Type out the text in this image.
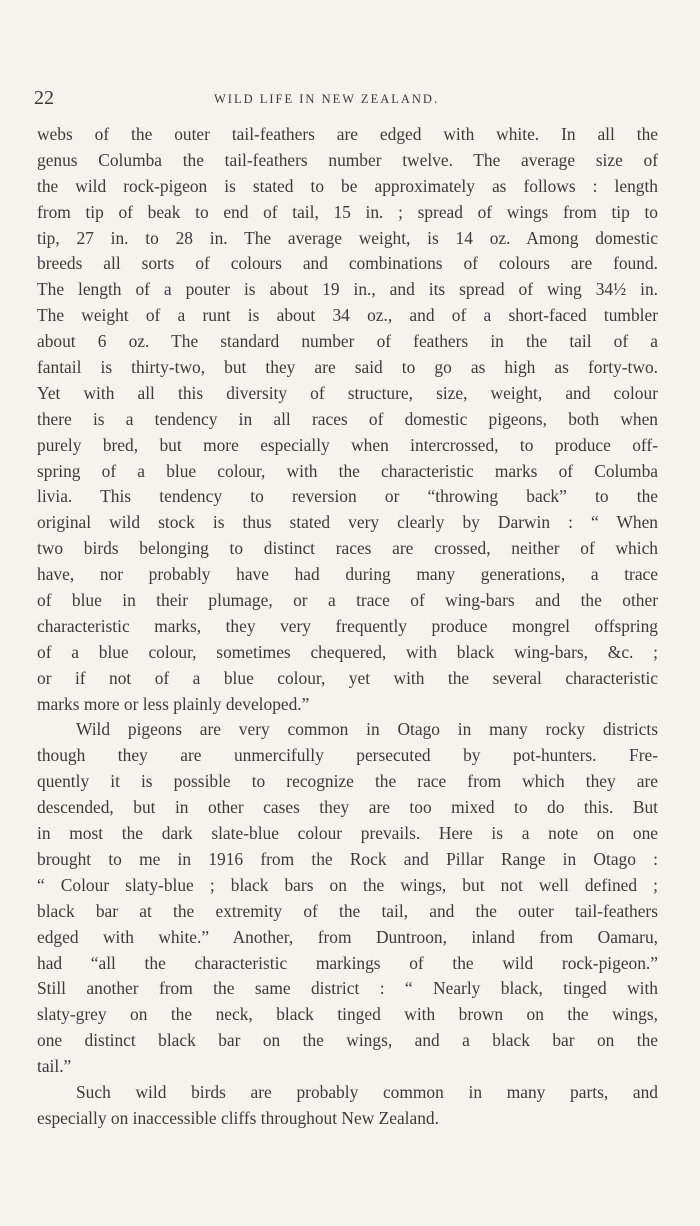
22	WILD LIFE IN NEW ZEALAND.
webs of the outer tail-feathers are edged with white. In all the
genus Columba the tail-feathers number twelve. The average size of
the wild rock-pigeon is stated to be approximately as follows : length
from tip of beak to end of tail, 15 in. ; spread of wings from tip to
tip, 27 in. to 28 in. The average weight, is 14 oz. Among domestic
breeds all sorts of colours and combinations of colours are found.
The length of a pouter is about 19 in., and its spread of wing 34½ in.
The weight of a runt is about 34 oz., and of a short-faced tumbler
about 6 oz. The standard number of feathers in the tail of a
fantail is thirty-two, but they are said to go as high as forty-two.
Yet with all this diversity of structure, size, weight, and colour
there is a tendency in all races of domestic pigeons, both when
purely bred, but more especially when intercrossed, to produce off-
spring of a blue colour, with the characteristic marks of Columba
livia. This tendency to reversion or “throwing back” to the
original wild stock is thus stated very clearly by Darwin : “ When
two birds belonging to distinct races are crossed, neither of which
have, nor probably have had during many generations, a trace
of blue in their plumage, or a trace of wing-bars and the other
characteristic marks, they very frequently produce mongrel offspring
of a blue colour, sometimes chequered, with black wing-bars, &c. ;
or if not of a blue colour, yet with the several characteristic
marks more or less plainly developed.”
Wild pigeons are very common in Otago in many rocky districts
though they are unmercifully persecuted by pot-hunters. Fre-
quently it is possible to recognize the race from which they are
descended, but in other cases they are too mixed to do this. But
in most the dark slate-blue colour prevails. Here is a note on one
brought to me in 1916 from the Rock and Pillar Range in Otago :
“ Colour slaty-blue ; black bars on the wings, but not well defined ;
black bar at the extremity of the tail, and the outer tail-feathers
edged with white.” Another, from Duntroon, inland from Oamaru,
had “all the characteristic markings of the wild rock-pigeon.”
Still another from the same district : “ Nearly black, tinged with
slaty-grey on the neck, black tinged with brown on the wings,
one distinct black bar on the wings, and a black bar on the
tail.”
Such wild birds are probably common in many parts, and
especially on inaccessible cliffs throughout New Zealand.
